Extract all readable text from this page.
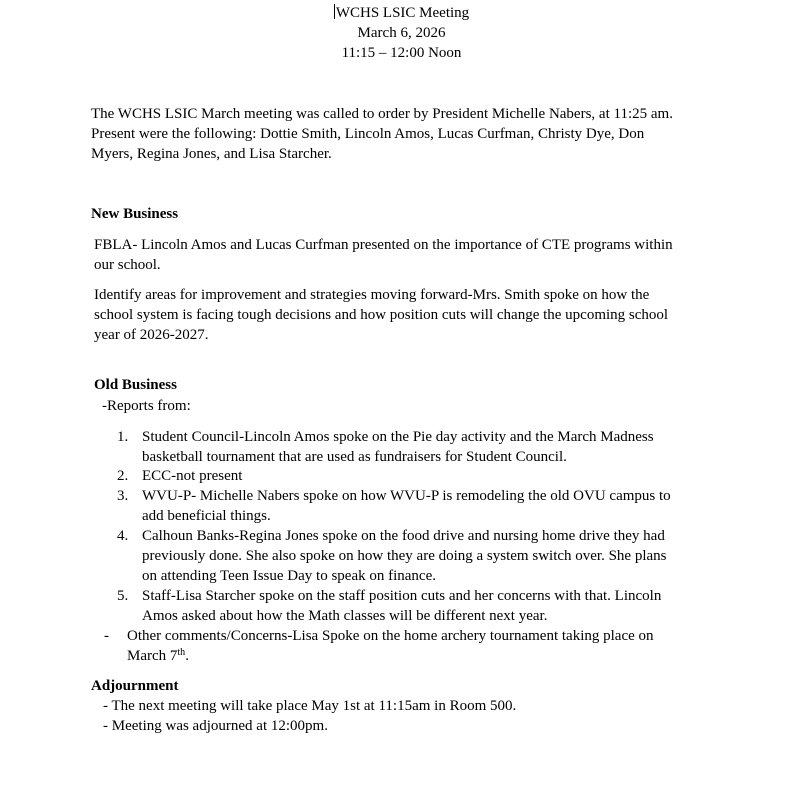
WCHS LSIC Meeting
March 6, 2026
11:15 – 12:00 Noon
The WCHS LSIC March meeting was called to order by President Michelle Nabers, at 11:25 am.
Present were the following: Dottie Smith, Lincoln Amos, Lucas Curfman, Christy Dye, Don
Myers, Regina Jones, and Lisa Starcher.
New Business
FBLA- Lincoln Amos and Lucas Curfman presented on the importance of CTE programs within
our school.
Identify areas for improvement and strategies moving forward-Mrs. Smith spoke on how the
school system is facing tough decisions and how position cuts will change the upcoming school
year of 2026-2027.
Old Business
-Reports from:
1. Student Council-Lincoln Amos spoke on the Pie day activity and the March Madness
basketball tournament that are used as fundraisers for Student Council.
2. ECC-not present
3. WVU-P- Michelle Nabers spoke on how WVU-P is remodeling the old OVU campus to
add beneficial things.
4. Calhoun Banks-Regina Jones spoke on the food drive and nursing home drive they had
previously done. She also spoke on how they are doing a system switch over. She plans
on attending Teen Issue Day to speak on finance.
5. Staff-Lisa Starcher spoke on the staff position cuts and her concerns with that. Lincoln
Amos asked about how the Math classes will be different next year.
- Other comments/Concerns-Lisa Spoke on the home archery tournament taking place on
March 7th.
Adjournment
- The next meeting will take place May 1st at 11:15am in Room 500.
- Meeting was adjourned at 12:00pm.
